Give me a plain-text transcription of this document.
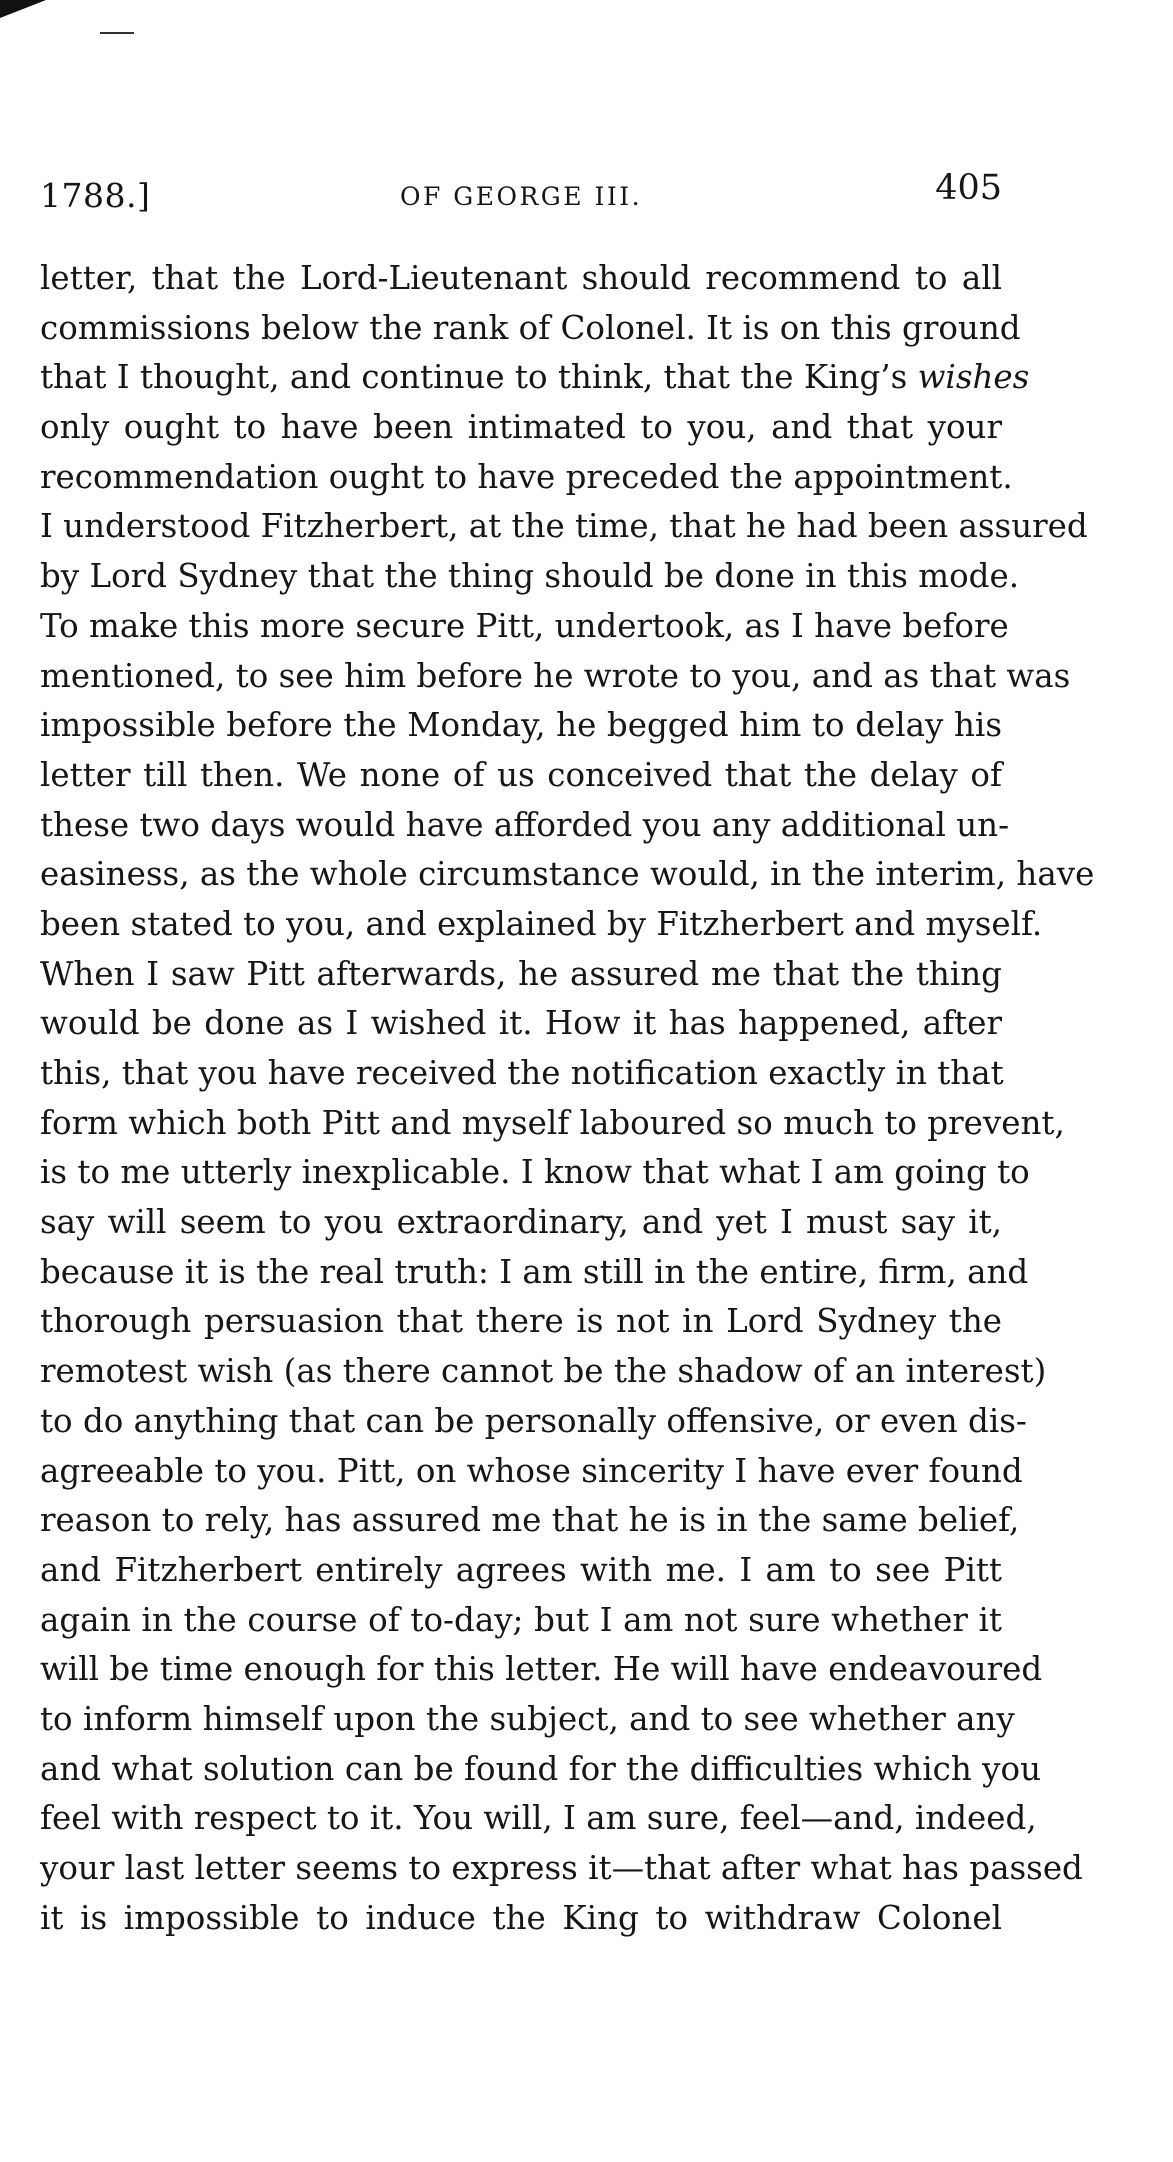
1788.]	OF GEORGE III.	405
letter, that the Lord-Lieutenant should recommend to all
commissions below the rank of Colonel. It is on this ground
that I thought, and continue to think, that the King’s wishes
only ought to have been intimated to you, and that your
recommendation ought to have preceded the appointment.
I understood Fitzherbert, at the time, that he had been assured
by Lord Sydney that the thing should be done in this mode.
To make this more secure Pitt, undertook, as I have before
mentioned, to see him before he wrote to you, and as that was
impossible before the Monday, he begged him to delay his
letter till then. We none of us conceived that the delay of
these two days would have afforded you any additional un-
easiness, as the whole circumstance would, in the interim, have
been stated to you, and explained by Fitzherbert and myself.
When I saw Pitt afterwards, he assured me that the thing
would be done as I wished it. How it has happened, after
this, that you have received the notification exactly in that
form which both Pitt and myself laboured so much to prevent,
is to me utterly inexplicable. I know that what I am going to
say will seem to you extraordinary, and yet I must say it,
because it is the real truth: I am still in the entire, firm, and
thorough persuasion that there is not in Lord Sydney the
remotest wish (as there cannot be the shadow of an interest)
to do anything that can be personally offensive, or even dis-
agreeable to you. Pitt, on whose sincerity I have ever found
reason to rely, has assured me that he is in the same belief,
and Fitzherbert entirely agrees with me. I am to see Pitt
again in the course of to-day; but I am not sure whether it
will be time enough for this letter. He will have endeavoured
to inform himself upon the subject, and to see whether any
and what solution can be found for the difficulties which you
feel with respect to it. You will, I am sure, feel—and, indeed,
your last letter seems to express it—that after what has passed
it is impossible to induce the King to withdraw Colonel
